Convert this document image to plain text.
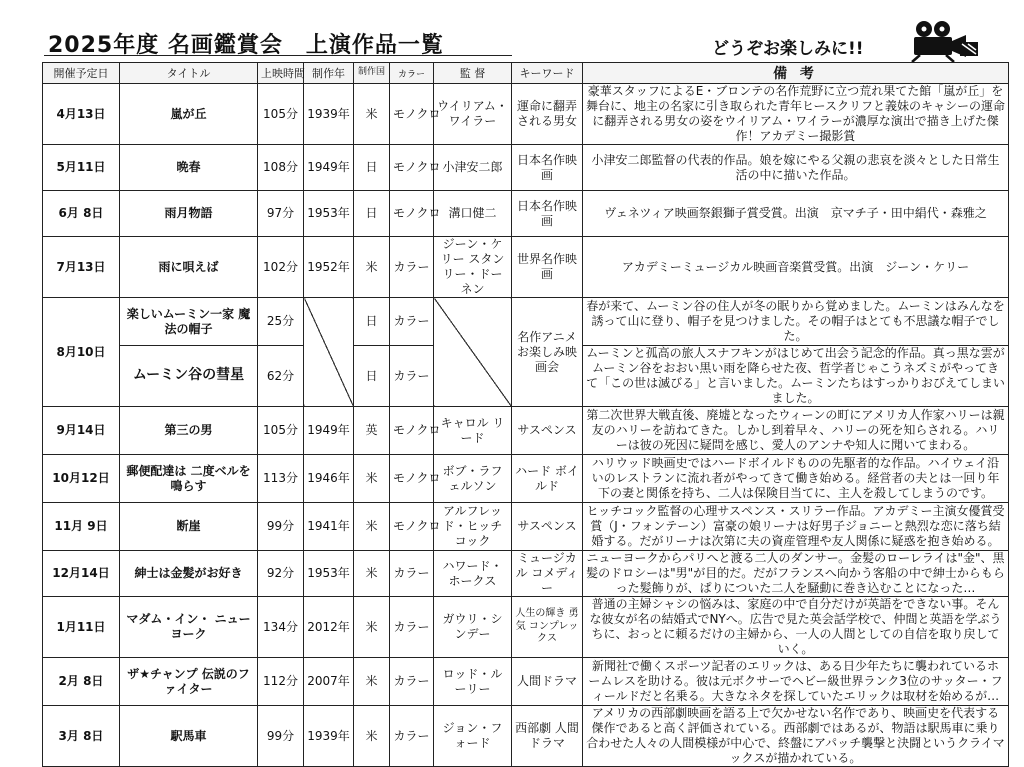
2025年度 名画鑑賞会　上演作品一覧	どうぞお楽しみに!!
開催予定日	タイトル	上映時間	制作年	制作国	カラー	監 督	キーワード	備 考
4月13日	嵐が丘	105分	1939年	米	モノクロ	ウイリアム・ワイラー	運命に翻弄される男女	豪華スタッフによるE・ブロンテの名作荒野に立つ荒れ果てた館「嵐が丘」を舞台に、地主の名家に引き取られた青年ヒースクリフと義妹のキャシーの運命に翻弄される男女の姿をウイリアム・ワイラーが濃厚な演出で描き上げた傑作！アカデミー撮影賞
5月11日	晩春	108分	1949年	日	モノクロ	小津安二郎	日本名作映画	小津安二郎監督の代表的作品。娘を嫁にやる父親の悲哀を淡々とした日常生活の中に描いた作品。
6月 8日	雨月物語	97分	1953年	日	モノクロ	溝口健二	日本名作映画	ヴェネツィア映画祭銀獅子賞受賞。出演　京マチ子・田中絹代・森雅之
7月13日	雨に唄えば	102分	1952年	米	カラー	ジーン・ケリー スタンリー・ドーネン	世界名作映画	アカデミーミュージカル映画音楽賞受賞。出演　ジーン・ケリー
8月10日	楽しいムーミン一家 魔法の帽子	25分		日	カラー		名作アニメお楽しみ映画会	春が来て、ムーミン谷の住人が冬の眠りから覚めました。ムーミンはみんなを誘って山に登り、帽子を見つけました。その帽子はとても不思議な帽子でした。
	ムーミン谷の彗星	62分		日	カラー			ムーミンと孤高の旅人スナフキンがはじめて出会う記念的作品。真っ黒な雲がムーミン谷をおおい黒い雨を降らせた夜、哲学者じゃこうネズミがやってきて「この世は滅びる」と言いました。ムーミンたちはすっかりおびえてしまいました。
9月14日	第三の男	105分	1949年	英	モノクロ	キャロル リード	サスペンス	第二次世界大戦直後、廃墟となったウィーンの町にアメリカ人作家ハリーは親友のハリーを訪ねてきた。しかし到着早々、ハリーの死を知らされる。ハリーは彼の死因に疑問を感じ、愛人のアンナや知人に聞いてまわる。
10月12日	郵便配達は 二度ベルを鳴らす	113分	1946年	米	モノクロ	ボブ・ラフェルソン	ハード ボイルド	ハリウッド映画史ではハードボイルドものの先駆者的な作品。ハイウェイ沿いのレストランに流れ者がやってきて働き始める。経営者の夫とは一回り年下の妻と関係を持ち、二人は保険目当てに、主人を殺してしまうのです。
11月 9日	断崖	99分	1941年	米	モノクロ	アルフレッド・ヒッチコック	サスペンス	ヒッチコック監督の心理サスペンス・スリラー作品。アカデミー主演女優賞受賞（J・フォンテーン）富豪の娘リーナは好男子ジョニーと熱烈な恋に落ち結婚する。だがリーナは次第に夫の資産管理や友人関係に疑惑を抱き始める。
12月14日	紳士は金髪がお好き	92分	1953年	米	カラー	ハワード・ホークス	ミュージカル コメディー	ニューヨークからパリへと渡る二人のダンサー。金髪のローレライは"金"、黒髪のドロシーは"男"が目的だ。だがフランスへ向かう客船の中で紳士からもらった髪飾りが、ぱりについた二人を騒動に巻き込むことになった…
1月11日	マダム・イン・ ニューヨーク	134分	2012年	米	カラー	ガウリ・シンデー	人生の輝き 勇気 コンプレックス	普通の主婦シャシの悩みは、家庭の中で自分だけが英語をできない事。そんな彼女が名の結婚式でNYへ。広告で見た英会話学校で、仲間と英語を学ぶうちに、おっとに頼るだけの主婦から、一人の人間としての自信を取り戻していく。
2月 8日	ザ★チャンプ 伝説のファイター	112分	2007年	米	カラー	ロッド・ルーリー	人間ドラマ	新聞社で働くスポーツ記者のエリックは、ある日少年たちに襲われているホームレスを助ける。彼は元ボクサーでヘビー級世界ランク3位のサッター・フィールドだと名乗る。大きなネタを探していたエリックは取材を始めるが…
3月 8日	駅馬車	99分	1939年	米	カラー	ジョン・フォード	西部劇 人間ドラマ	アメリカの西部劇映画を語る上で欠かせない名作であり、映画史を代表する傑作であると高く評価されている。西部劇ではあるが、物語は駅馬車に乗り合わせた人々の人間模様が中心で、終盤にアパッチ襲撃と決闘というクライマックスが描かれている。
